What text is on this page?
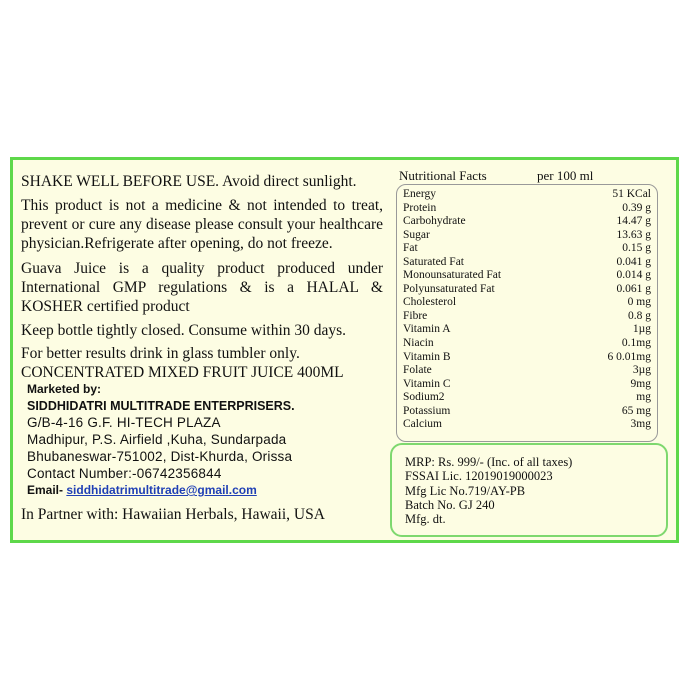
SHAKE WELL BEFORE USE. Avoid direct sunlight.

This product is not a medicine & not intended to treat, prevent or cure any disease please consult your healthcare physician.Refrigerate after opening, do not freeze.

Guava Juice is a quality product produced under International GMP regulations & is a HALAL & KOSHER certified product

Keep bottle tightly closed. Consume within 30 days.

For better results drink in glass tumbler only.

CONCENTRATED MIXED FRUIT JUICE 400ML

Marketed by:

SIDDHIDATRI MULTITRADE ENTERPRISERS.

G/B-4-16 G.F. HI-TECH PLAZA

Madhipur, P.S. Airfield ,Kuha, Sundarpada

Bhubaneswar-751002, Dist-Khurda, Orissa

Contact Number:-06742356844

Email- siddhidatrimultitrade@gmail.com

In Partner with: Hawaiian Herbals, Hawaii, USA

Nutritional Facts	per 100 ml
Energy	51 KCal
Protein	0.39 g
Carbohydrate	14.47 g
Sugar	13.63 g
Fat	0.15 g
Saturated Fat	0.041 g
Monounsaturated Fat	0.014 g
Polyunsaturated Fat	0.061 g
Cholesterol	0 mg
Fibre	0.8 g
Vitamin A	1µg
Niacin	0.1mg
Vitamin B	6 0.01mg
Folate	3µg
Vitamin C	9mg
Sodium2	mg
Potassium	65 mg
Calcium	3mg
MRP: Rs. 999/- (Inc. of all taxes)
FSSAI Lic. 12019019000023
Mfg Lic No.719/AY-PB
Batch No. GJ 240
Mfg. dt.
